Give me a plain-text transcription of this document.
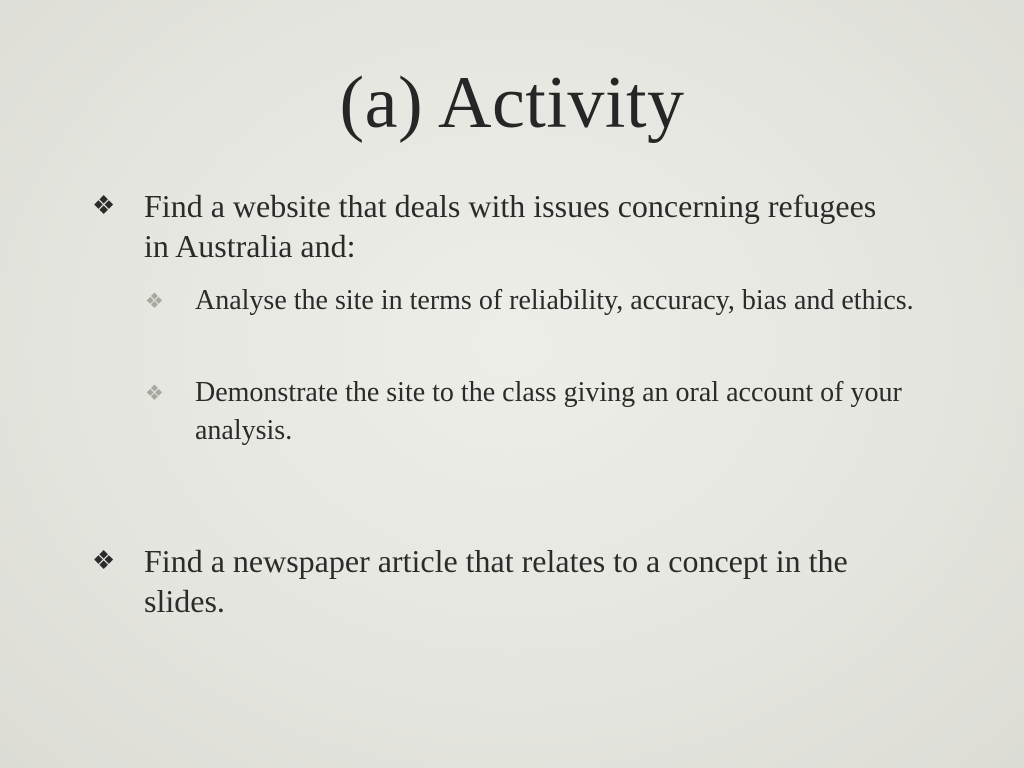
(a) Activity
❖ Find a website that deals with issues concerning refugees in Australia and:
❖ Analyse the site in terms of reliability, accuracy, bias and ethics.
❖ Demonstrate the site to the class giving an oral account of your analysis.
❖ Find a newspaper article that relates to a concept in the slides.
